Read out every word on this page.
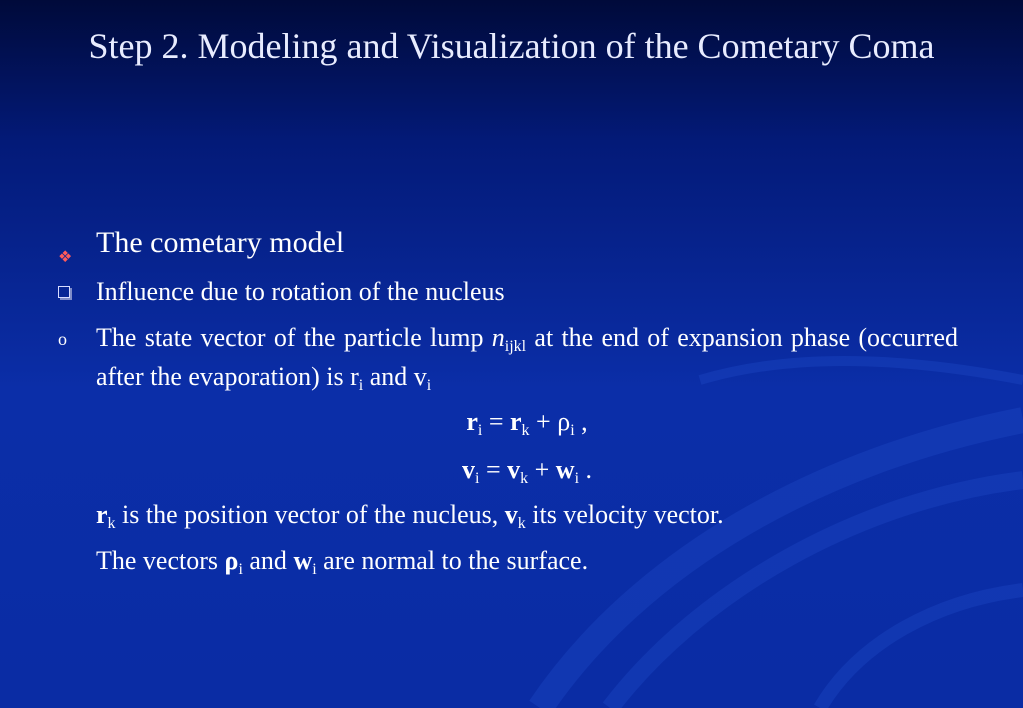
Step 2. Modeling and Visualization of the Cometary Coma
❖ The cometary model
Influence due to rotation of the nucleus
o The state vector of the particle lump $n_{ijkl}$ at the end of expansion phase (occurred after the evaporation) is $r_i$ and $v_i$
$r_i = r_k + \rho_i$ ,
$v_i = v_k + w_i$ .
$r_k$ is the position vector of the nucleus, $v_k$ its velocity vector.
The vectors $\rho_i$ and $w_i$ are normal to the surface.
